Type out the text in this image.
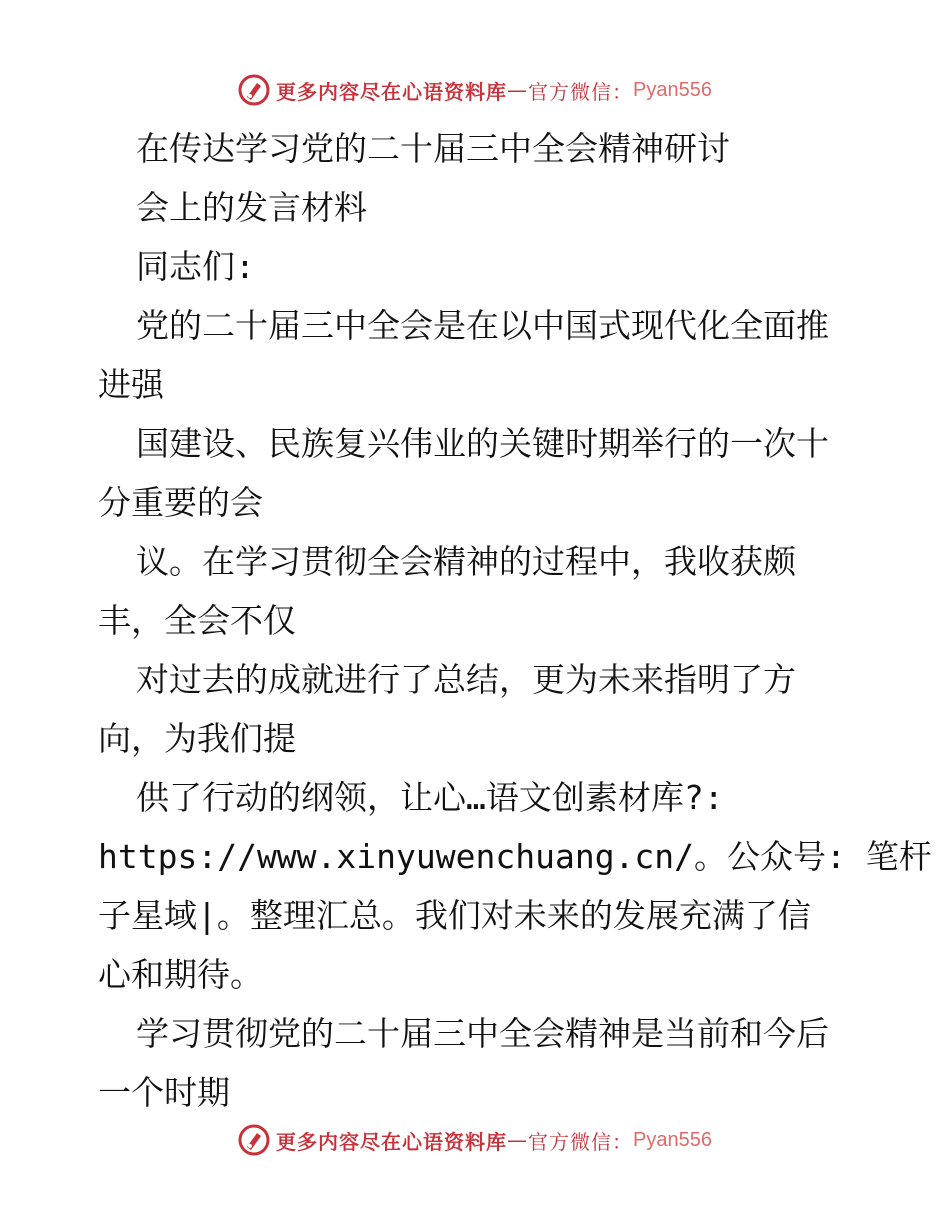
更多内容尽在心语资料库 — 官方微信： Pyan556
在传达学习党的二十届三中全会精神研讨
会上的发言材料
同志们:
党的二十届三中全会是在以中国式现代化全面推
进强
国建设、民族复兴伟业的关键时期举行的一次十
分重要的会
议。在学习贯彻全会精神的过程中，我收获颇
丰，全会不仅
对过去的成就进行了总结，更为未来指明了方
向，为我们提
供了行动的纲领，让心…语文创素材库?:
https://www.xinyuwenchuang.cn/。公众号: 笔杆
子星域|。整理汇总。我们对未来的发展充满了信
心和期待。
学习贯彻党的二十届三中全会精神是当前和今后
一个时期
更多内容尽在心语资料库 — 官方微信： Pyan556
